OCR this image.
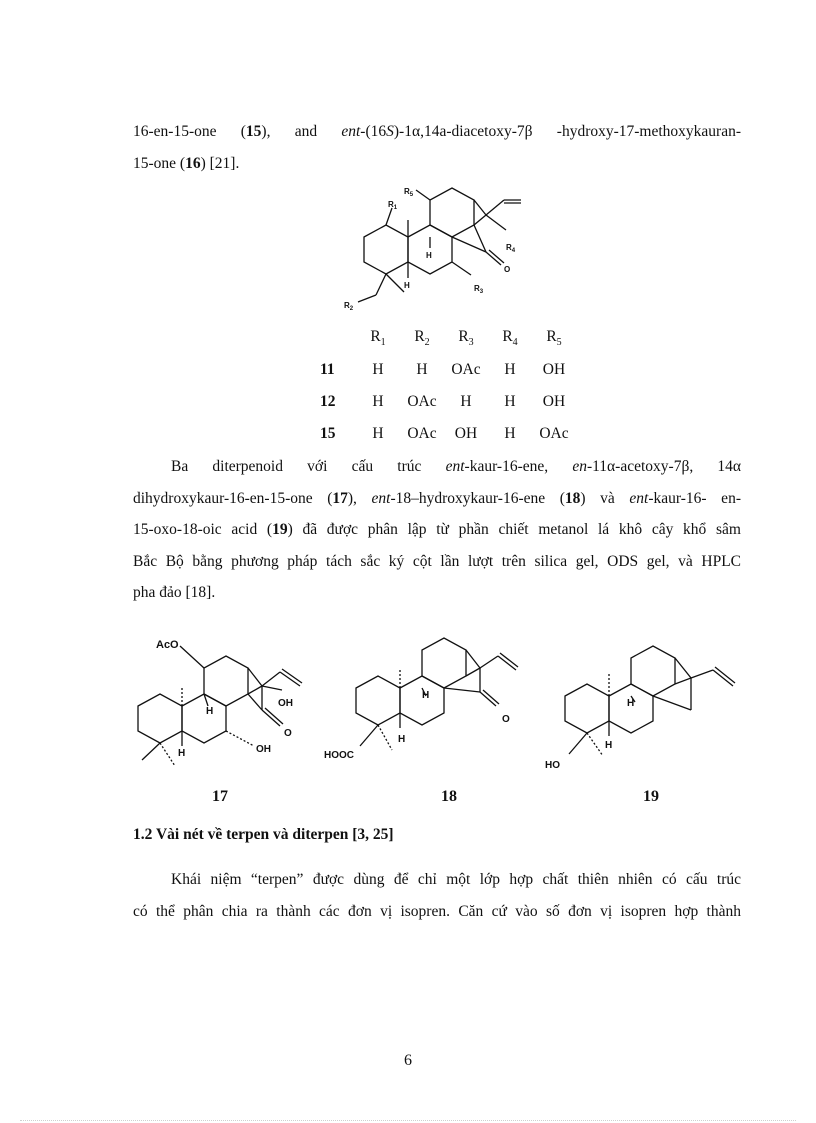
16-en-15-one (15), and ent-(16S)-1α,14a-diacetoxy-7β -hydroxy-17-methoxykauran-
15-one (16) [21].
$R_5$
$R_1$
$R_4$
$R_3$
$R_2$
H
H
O
	$R_1$	$R_2$	$R_3$	$R_4$	$R_5$
11	H	H	OAc	H	OH
12	H	OAc	H	H	OH
15	H	OAc	OH	H	OAc
Ba diterpenoid với cấu trúc ent-kaur-16-ene, en-11α-acetoxy-7β, 14α
dihydroxykaur-16-en-15-one (17), ent-18–hydroxykaur-16-ene (18) và ent-kaur-16- en-
15-oxo-18-oic acid (19) đã được phân lập từ phần chiết metanol lá khô cây khổ sâm
Bắc Bộ bằng phương pháp tách sắc ký cột lần lượt trên silica gel, ODS gel, và HPLC
pha đảo [18].
AcO
OH
H
O
H	OH
H
O
H
HOOC
H
H
HO
17	18	19
1.2 Vài nét về terpen và diterpen [3, 25]
Khái niệm “terpen” được dùng để chỉ một lớp hợp chất thiên nhiên có cấu trúc
có thể phân chia ra thành các đơn vị isopren. Căn cứ vào số đơn vị isopren hợp thành
6
